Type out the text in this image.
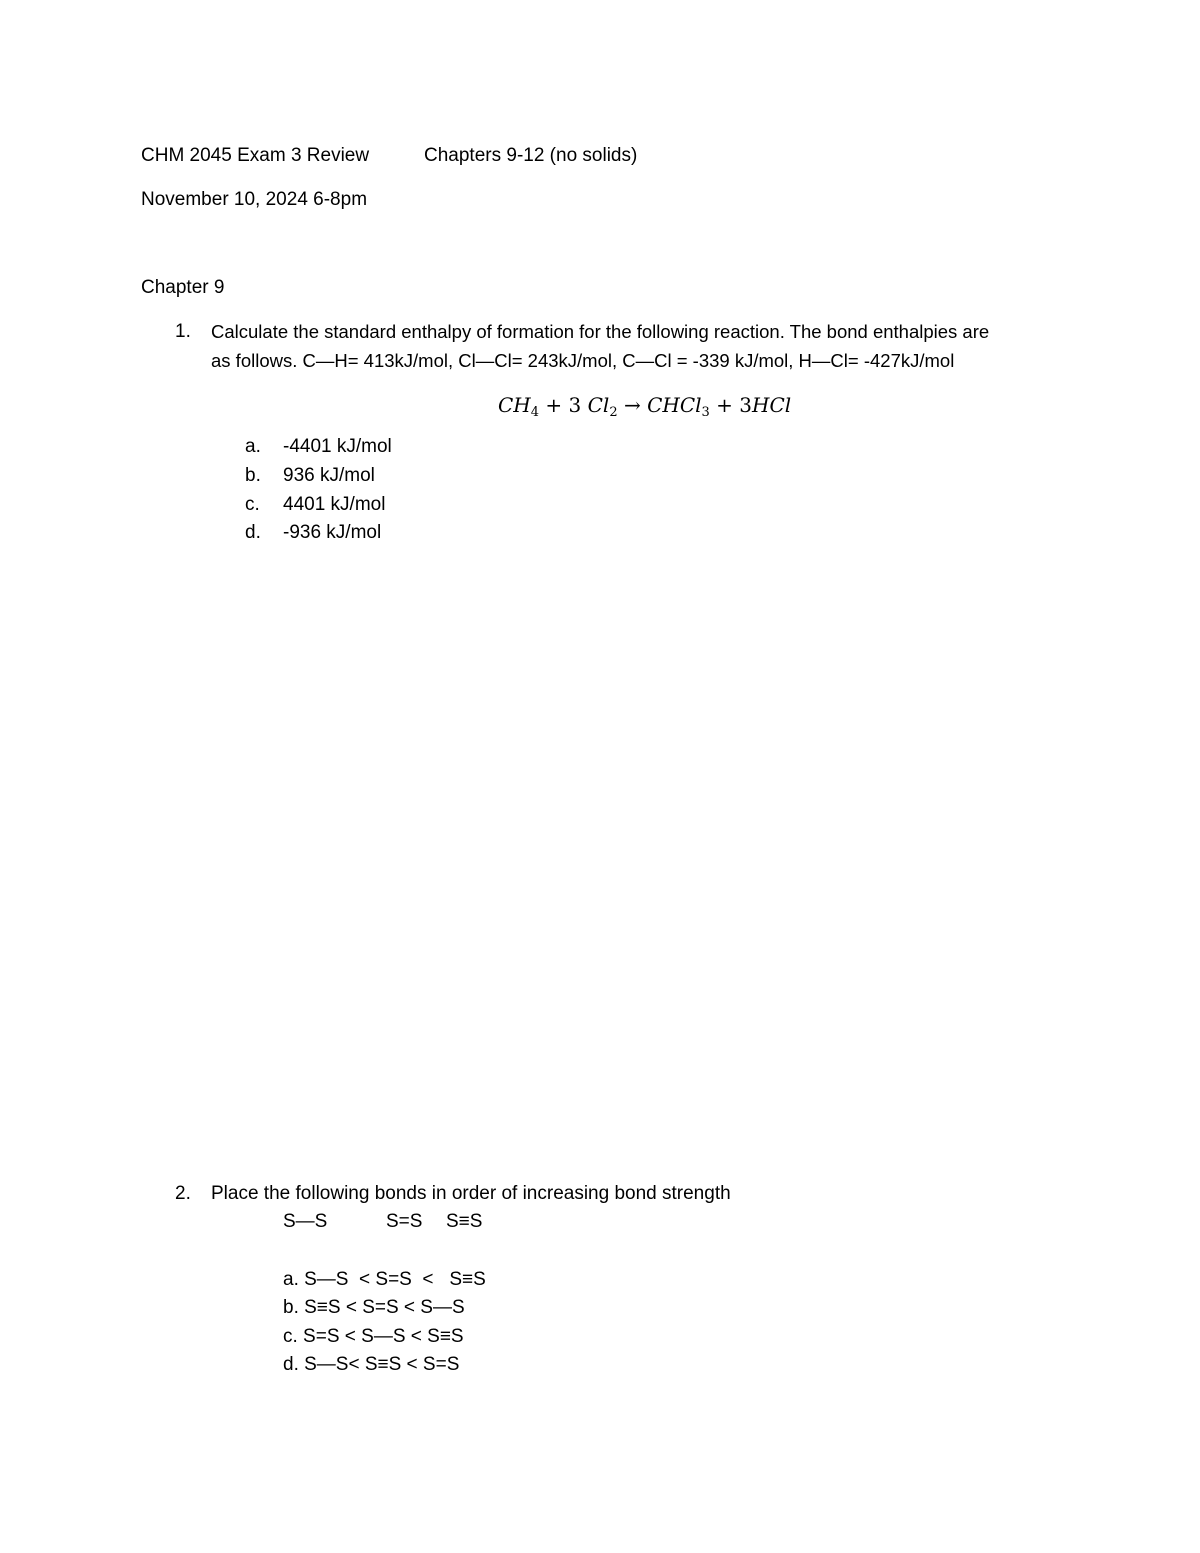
CHM 2045 Exam 3 Review	Chapters 9-12 (no solids)
November 10, 2024 6-8pm
Chapter 9
1. Calculate the standard enthalpy of formation for the following reaction. The bond enthalpies are
as follows. C—H= 413kJ/mol, Cl—Cl= 243kJ/mol, C—Cl = -339 kJ/mol, H—Cl= -427kJ/mol
$CH_4 + 3$ $Cl_2$ → CHCl$_3$ + 3HCl
a. -4401 kJ/mol
b. 936 kJ/mol
c. 4401 kJ/mol
d. -936 kJ/mol
2. Place the following bonds in order of increasing bond strength
S—S	S=S S≡S
a. S—S  < S=S  <   S≡S
b. S≡S < S=S < S—S
c. S=S < S—S < S≡S
d. S—S< S≡S < S=S
